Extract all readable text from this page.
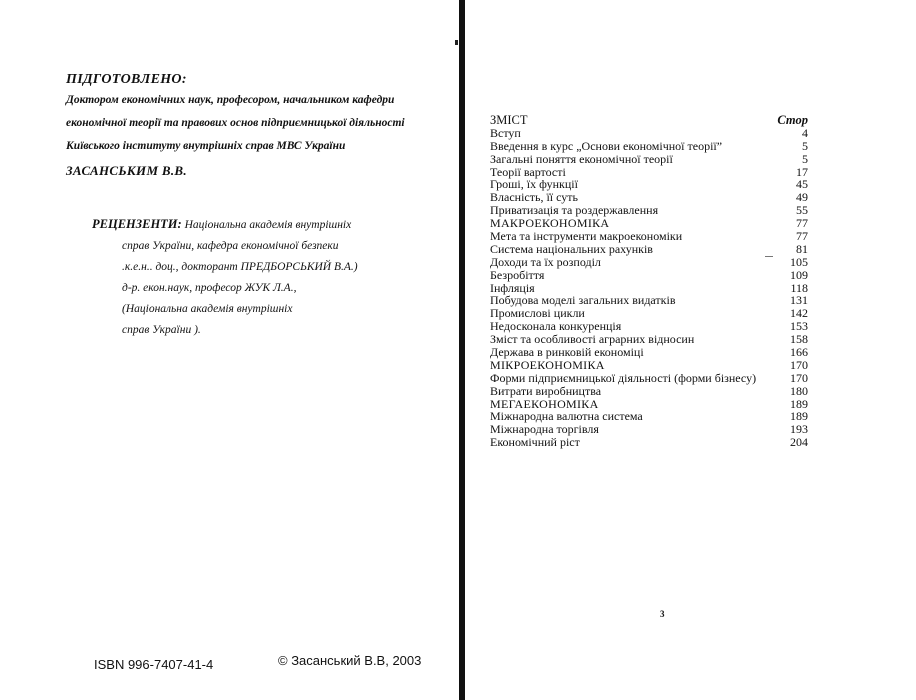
ПІДГОТОВЛЕНО:
Доктором економічних наук, професором, начальником кафедри
економічної теорії та правових основ підприємницької діяльності
Київського інституту внутрішніх справ МВС України
ЗАСАНСЬКИМ В.В.
РЕЦЕНЗЕНТИ: Національна академія внутрішніх
справ України, кафедра економічної безпеки
.к.е.н.. доц., докторант ПРЕДБОРСЬКИЙ В.А.)
д-р. екон.наук, професор ЖУК Л.А.,
(Національна академія внутрішніх
справ України ).
ISBN 996-7407-41-4	© Засанський В.В, 2003
ЗМІСТ	Стор
Вступ	4
Введення в курс „Основи економічної теорії”	5
Загальні поняття економічної теорії	5
Теорії вартості	17
Гроші, їх функції	45
Власність, її суть	49
Приватизація та роздержавлення	55
МАКРОЕКОНОМІКА	77
Мета та інструменти макроекономіки	77
Система національних рахунків	81
Доходи та їх розподіл	105
Безробіття	109
Інфляція	118
Побудова моделі загальних видатків	131
Промислові цикли	142
Недосконала конкуренція	153
Зміст та особливості аграрних відносин	158
Держава в ринковій економіці	166
МІКРОЕКОНОМІКА	170
Форми підприємницької діяльності (форми бізнесу)	170
Витрати виробництва	180
МЕГАЕКОНОМІКА	189
Міжнародна валютна система	189
Міжнародна торгівля	193
Економічний ріст	204
3
